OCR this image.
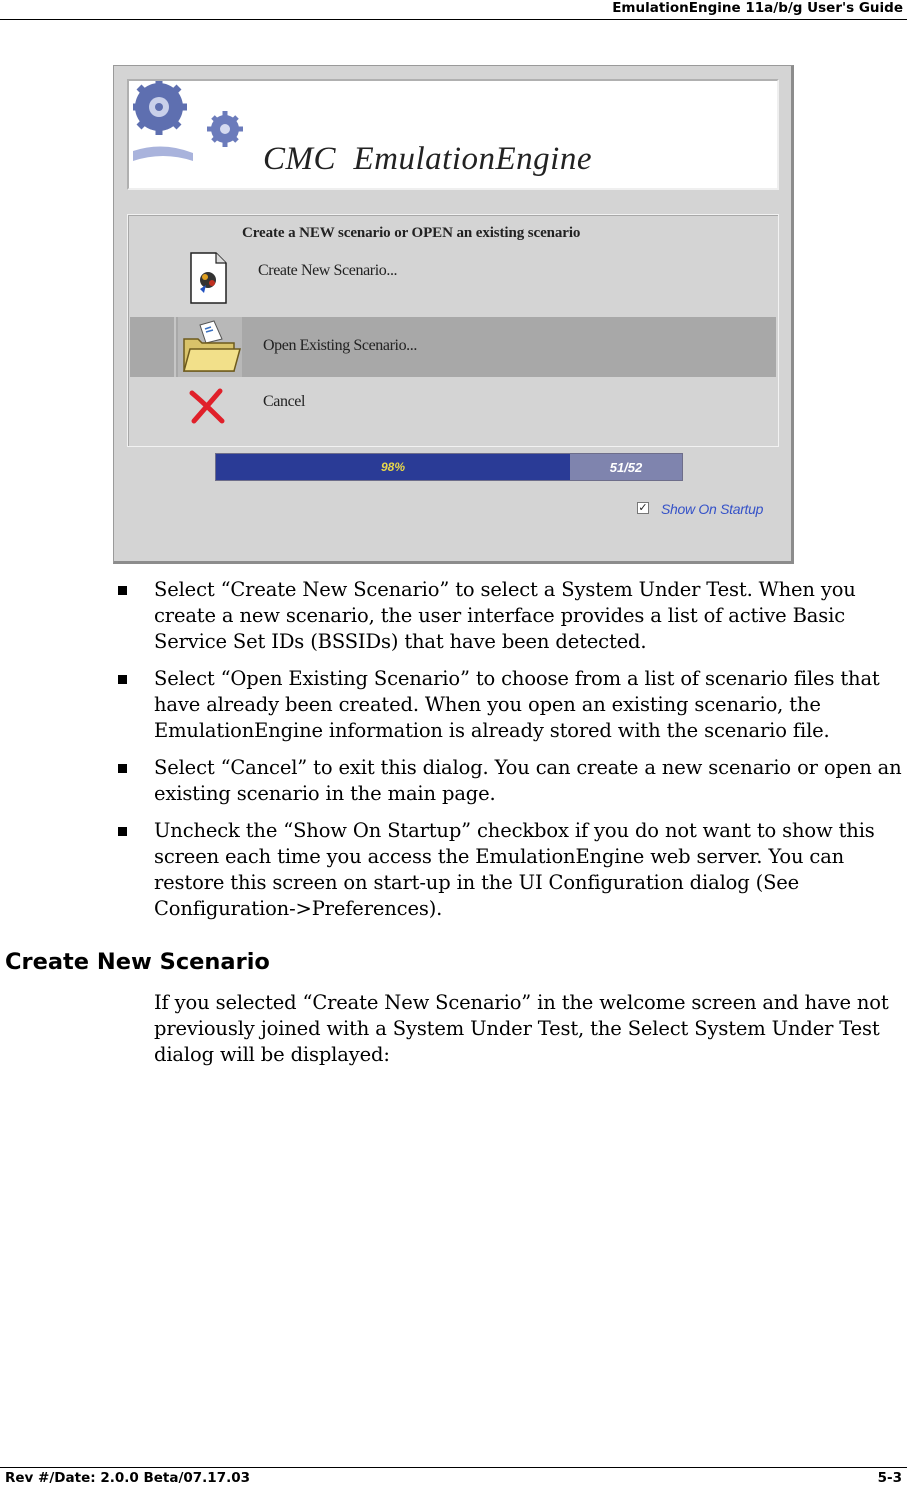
EmulationEngine 11a/b/g User's Guide
CMC  EmulationEngine
Create a NEW scenario or OPEN an existing scenario
Create New Scenario...
Open Existing Scenario...
Cancel
98%	51/52
✓ Show On Startup
Select “Create New Scenario” to select a System Under Test. When you create a new scenario, the user interface provides a list of active Basic Service Set IDs (BSSIDs) that have been detected.
Select “Open Existing Scenario” to choose from a list of scenario files that have already been created. When you open an existing scenario, the EmulationEngine information is already stored with the scenario file.
Select “Cancel” to exit this dialog. You can create a new scenario or open an existing scenario in the main page.
Uncheck the “Show On Startup” checkbox if you do not want to show this screen each time you access the EmulationEngine web server. You can restore this screen on start-up in the UI Configuration dialog (See Configuration->Preferences).
Create New Scenario
If you selected “Create New Scenario” in the welcome screen and have not previously joined with a System Under Test, the Select System Under Test dialog will be displayed:
Rev #/Date: 2.0.0 Beta/07.17.03	5-3
